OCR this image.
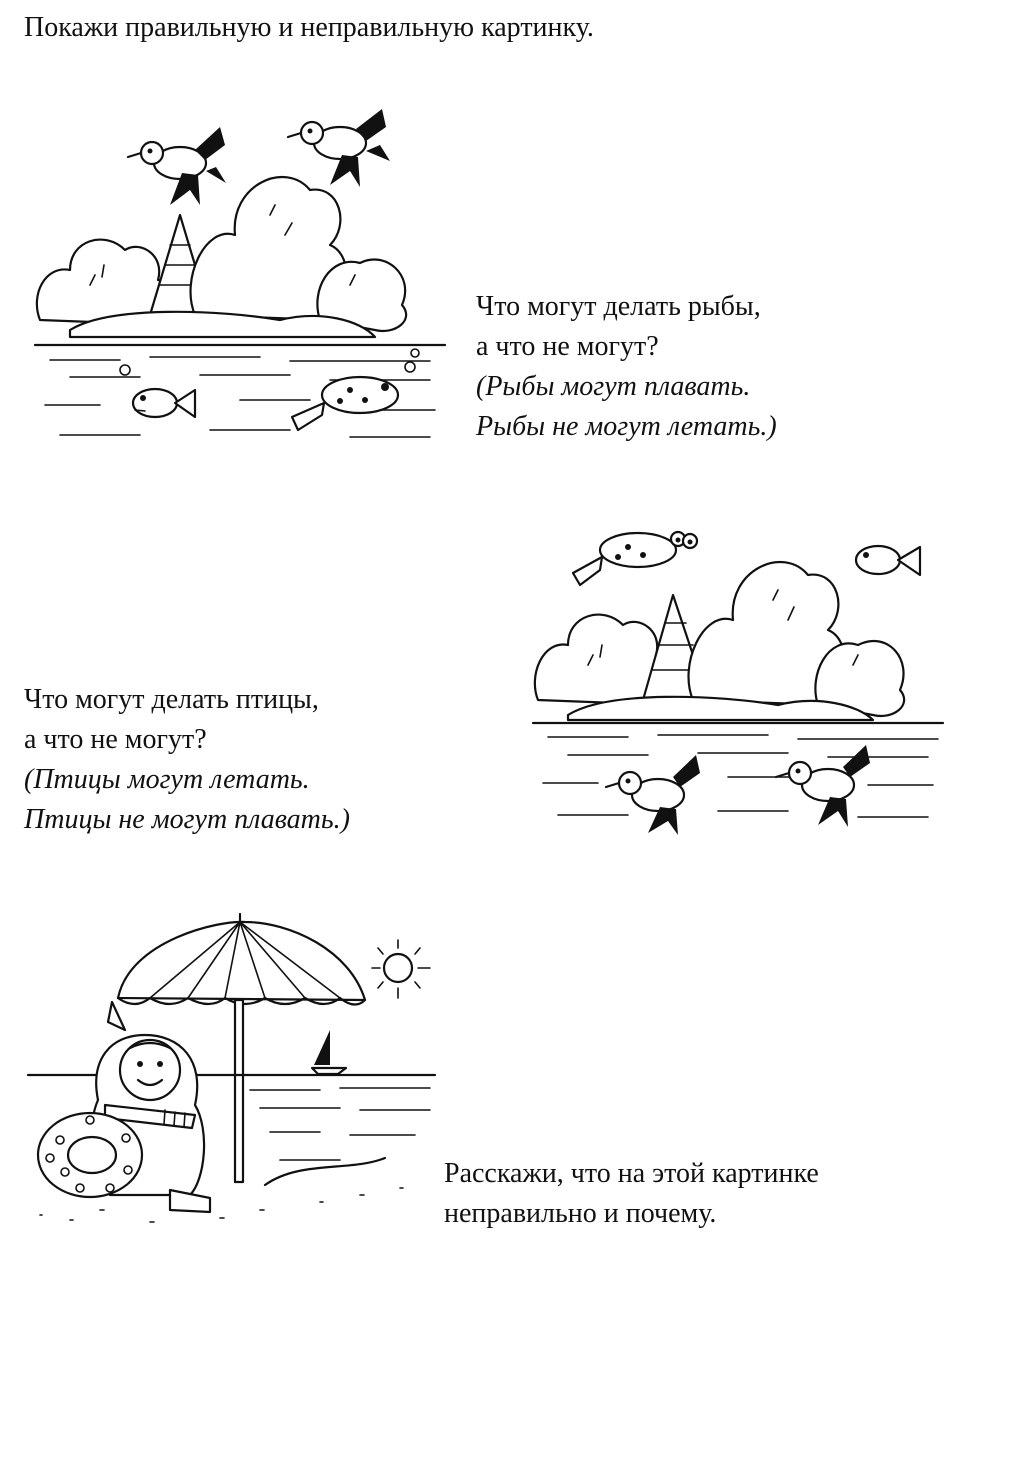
Покажи правильную и неправильную картинку.
Что могут делать рыбы,
а что не могут?
(Рыбы могут плавать.
Рыбы не могут летать.)
Что могут делать птицы,
а что не могут?
(Птицы могут летать.
Птицы не могут плавать.)
Расскажи, что на этой картинке
неправильно и почему.
